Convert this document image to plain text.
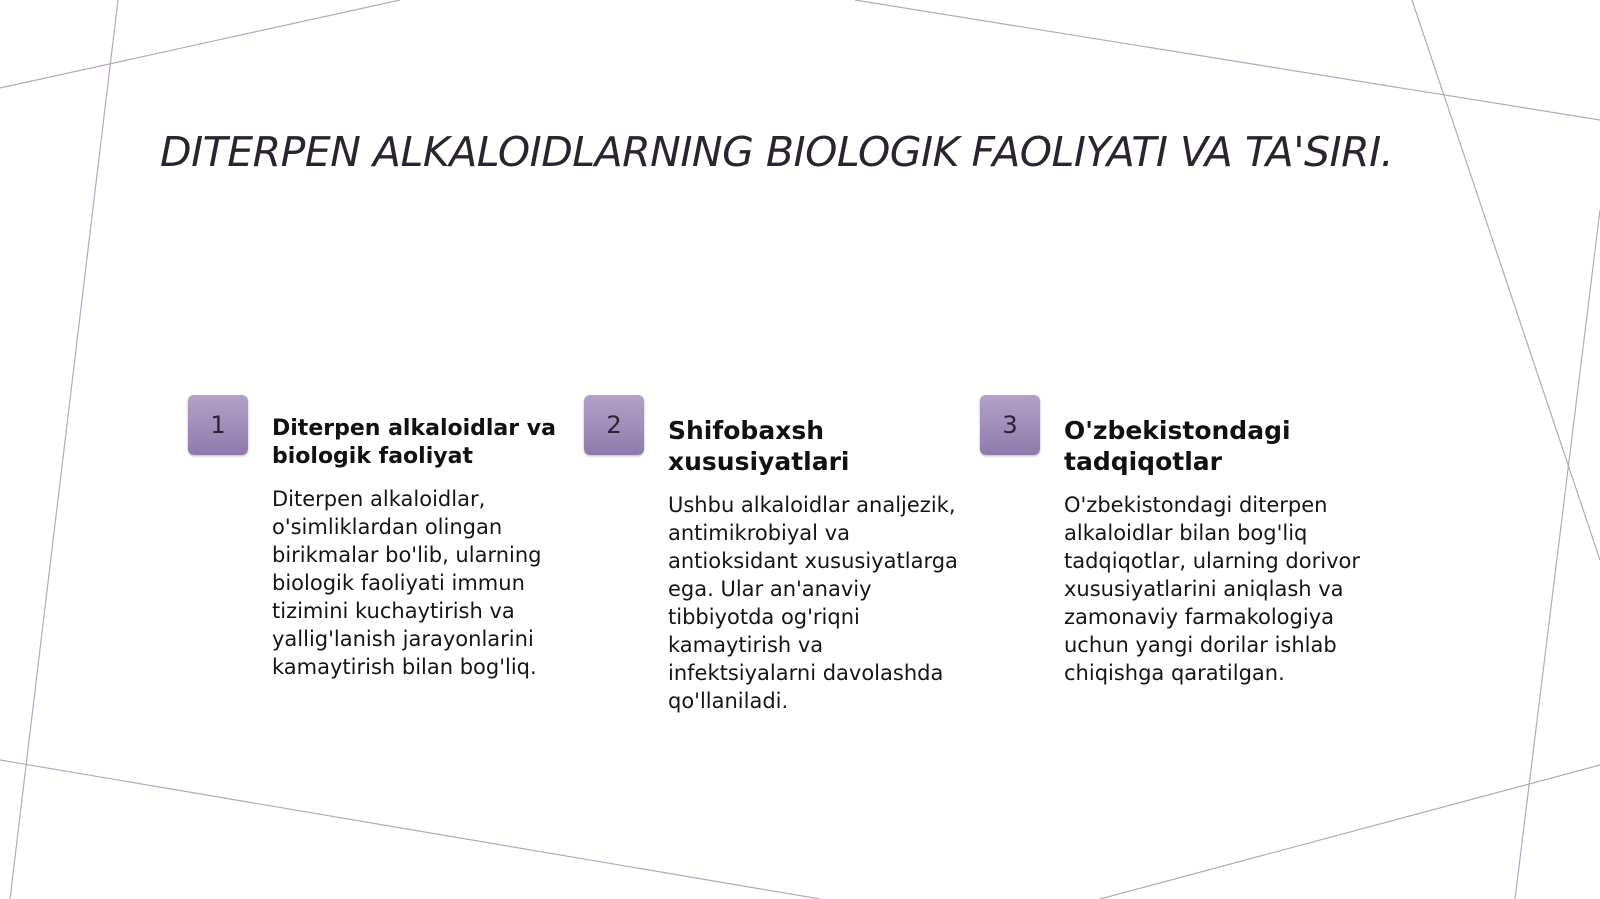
DITERPEN ALKALOIDLARNING BIOLOGIK FAOLIYATI VA TA'SIRI.
1	Diterpen alkaloidlar va biologik faoliyat

Diterpen alkaloidlar, o'simliklardan olingan birikmalar bo'lib, ularning biologik faoliyati immun tizimini kuchaytirish va yallig'lanish jarayonlarini kamaytirish bilan bog'liq.

2	Shifobaxsh xususiyatlari

Ushbu alkaloidlar analjezik, antimikrobiyal va antioksidant xususiyatlarga ega. Ular an'anaviy tibbiyotda og'riqni kamaytirish va infektsiyalarni davolashda qo'llaniladi.

3	O'zbekistondagi tadqiqotlar

O'zbekistondagi diterpen alkaloidlar bilan bog'liq tadqiqotlar, ularning dorivor xususiyatlarini aniqlash va zamonaviy farmakologiya uchun yangi dorilar ishlab chiqishga qaratilgan.
